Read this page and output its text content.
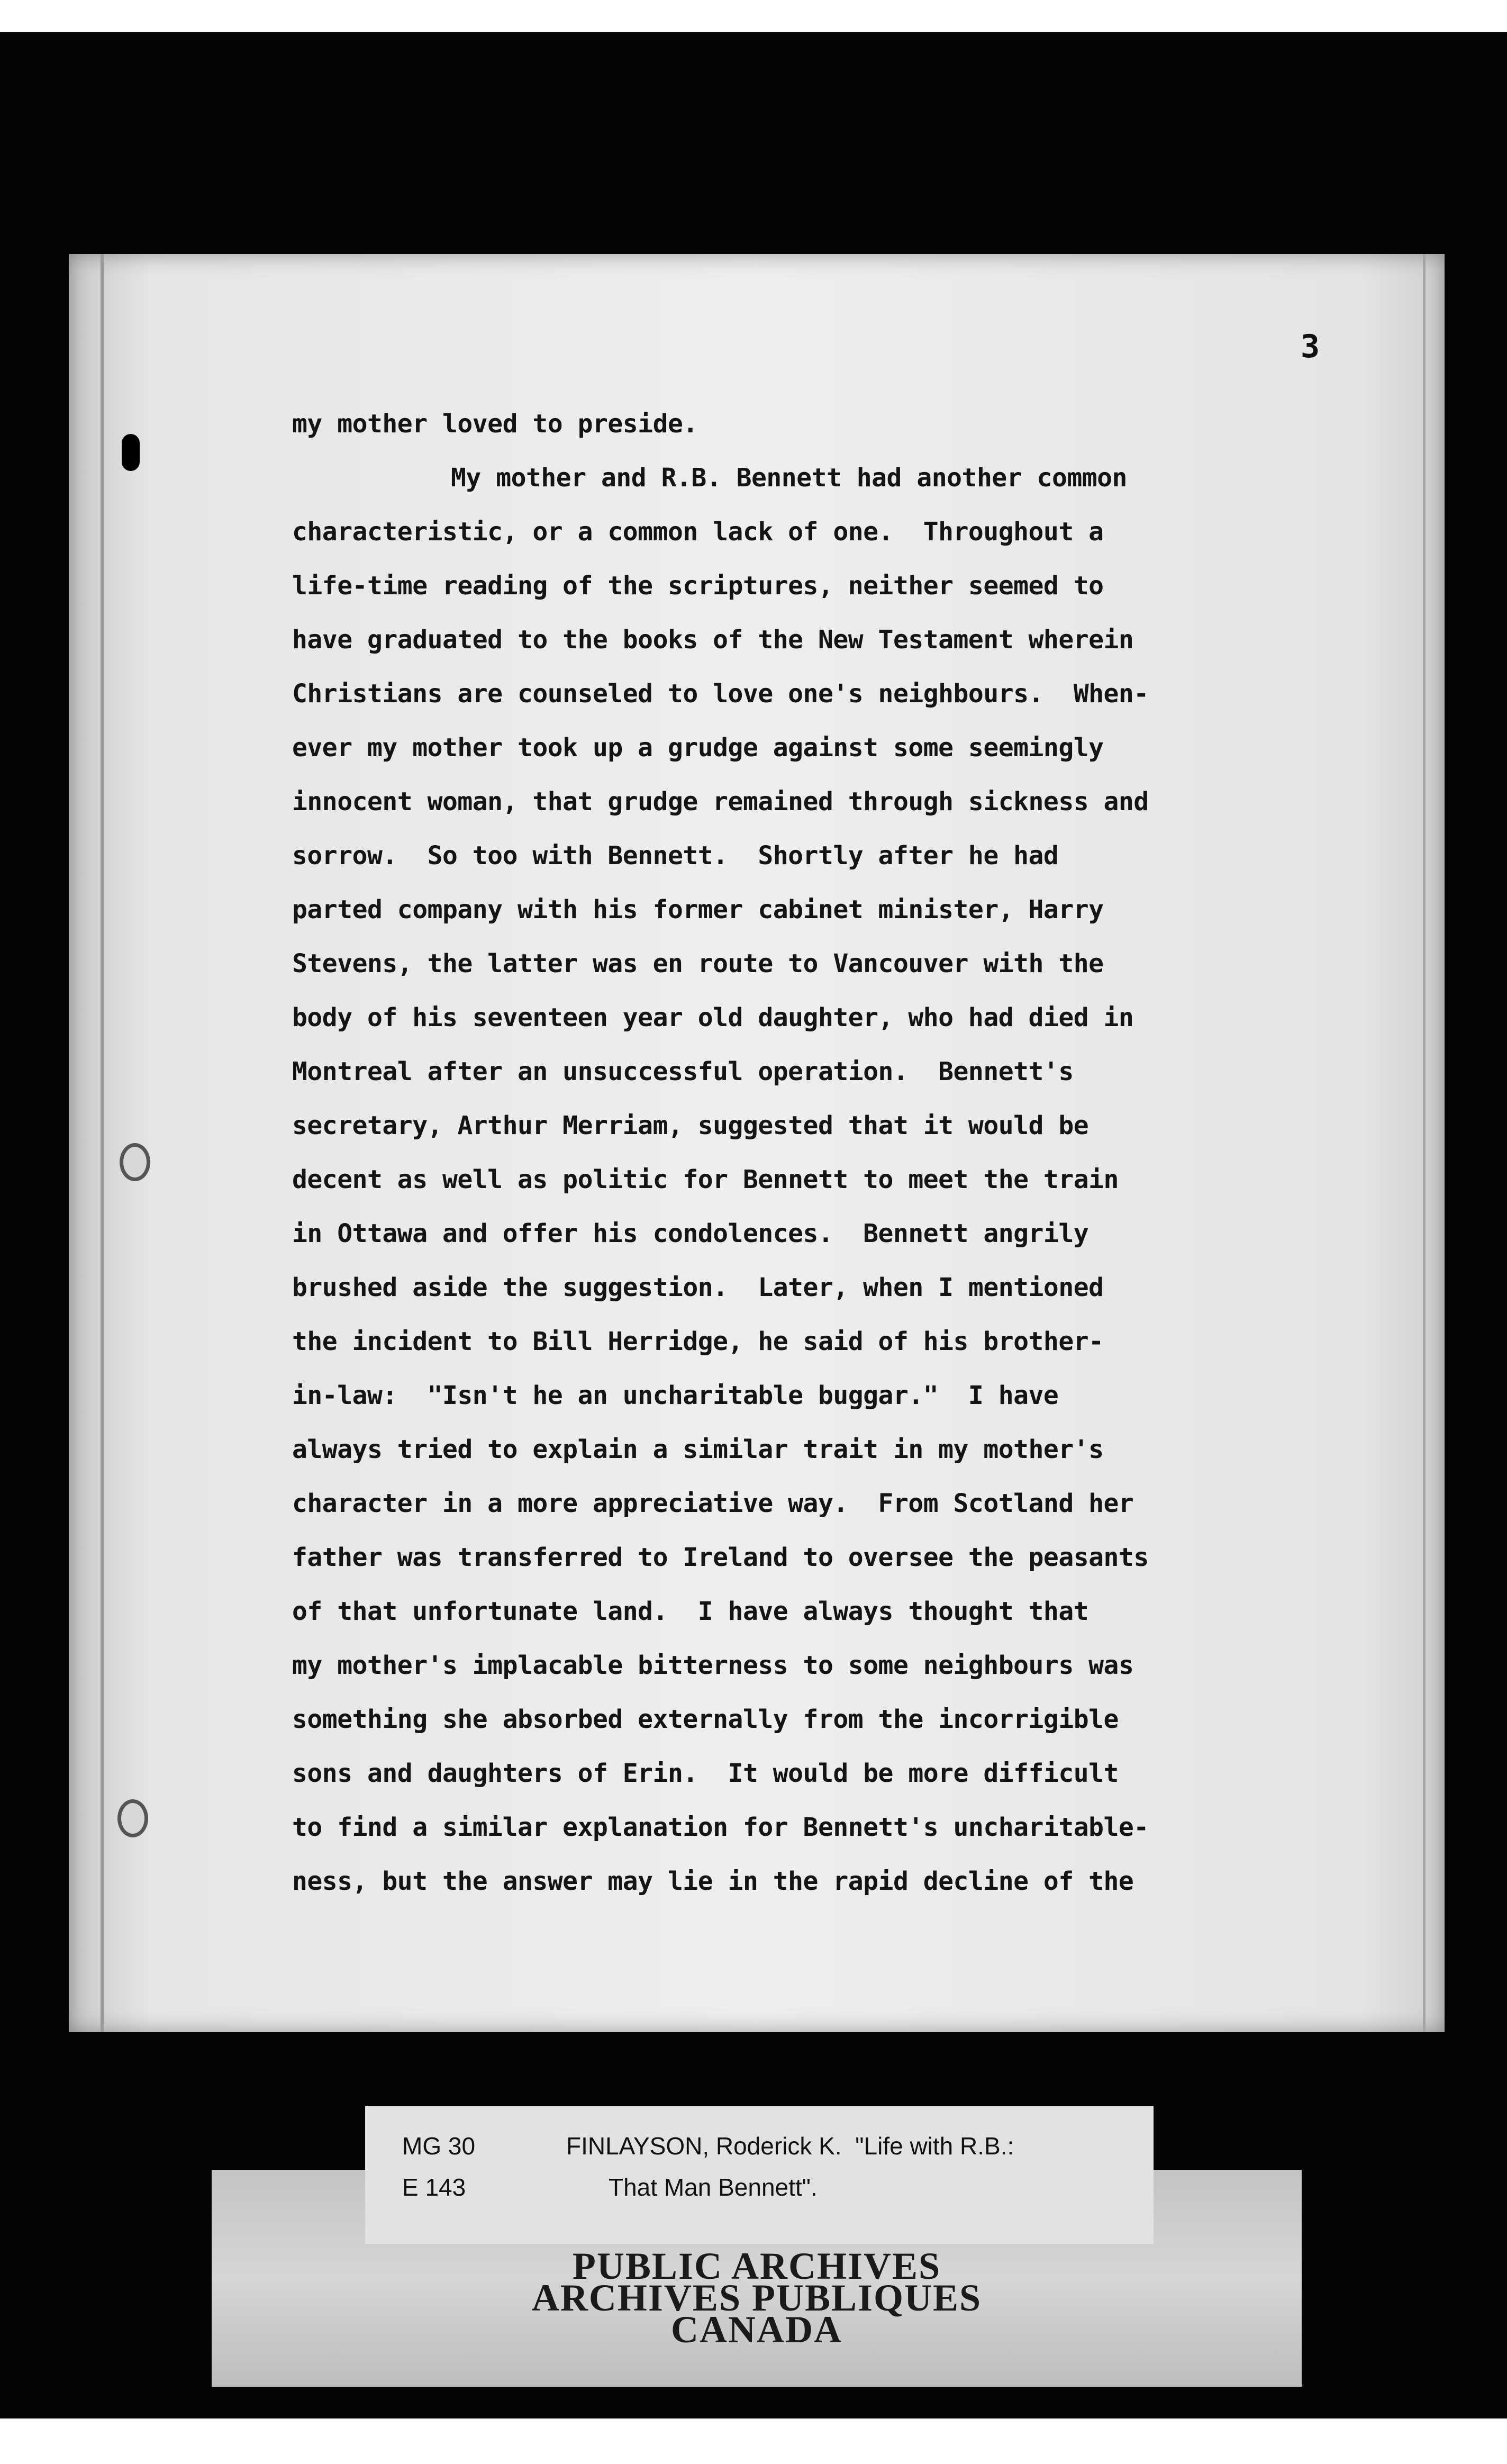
3
my mother loved to preside.
My mother and R.B. Bennett had another common
characteristic, or a common lack of one.  Throughout a
life-time reading of the scriptures, neither seemed to
have graduated to the books of the New Testament wherein
Christians are counseled to love one's neighbours.  When-
ever my mother took up a grudge against some seemingly
innocent woman, that grudge remained through sickness and
sorrow.  So too with Bennett.  Shortly after he had
parted company with his former cabinet minister, Harry
Stevens, the latter was en route to Vancouver with the
body of his seventeen year old daughter, who had died in
Montreal after an unsuccessful operation.  Bennett's
secretary, Arthur Merriam, suggested that it would be
decent as well as politic for Bennett to meet the train
in Ottawa and offer his condolences.  Bennett angrily
brushed aside the suggestion.  Later, when I mentioned
the incident to Bill Herridge, he said of his brother-
in-law:  "Isn't he an uncharitable buggar."  I have
always tried to explain a similar trait in my mother's
character in a more appreciative way.  From Scotland her
father was transferred to Ireland to oversee the peasants
of that unfortunate land.  I have always thought that
my mother's implacable bitterness to some neighbours was
something she absorbed externally from the incorrigible
sons and daughters of Erin.  It would be more difficult
to find a similar explanation for Bennett's uncharitable-
ness, but the answer may lie in the rapid decline of the
PUBLIC ARCHIVES
ARCHIVES PUBLIQUES
CANADA
MG 30
E 143
FINLAYSON, Roderick K.  "Life with R.B.:
That Man Bennett".
